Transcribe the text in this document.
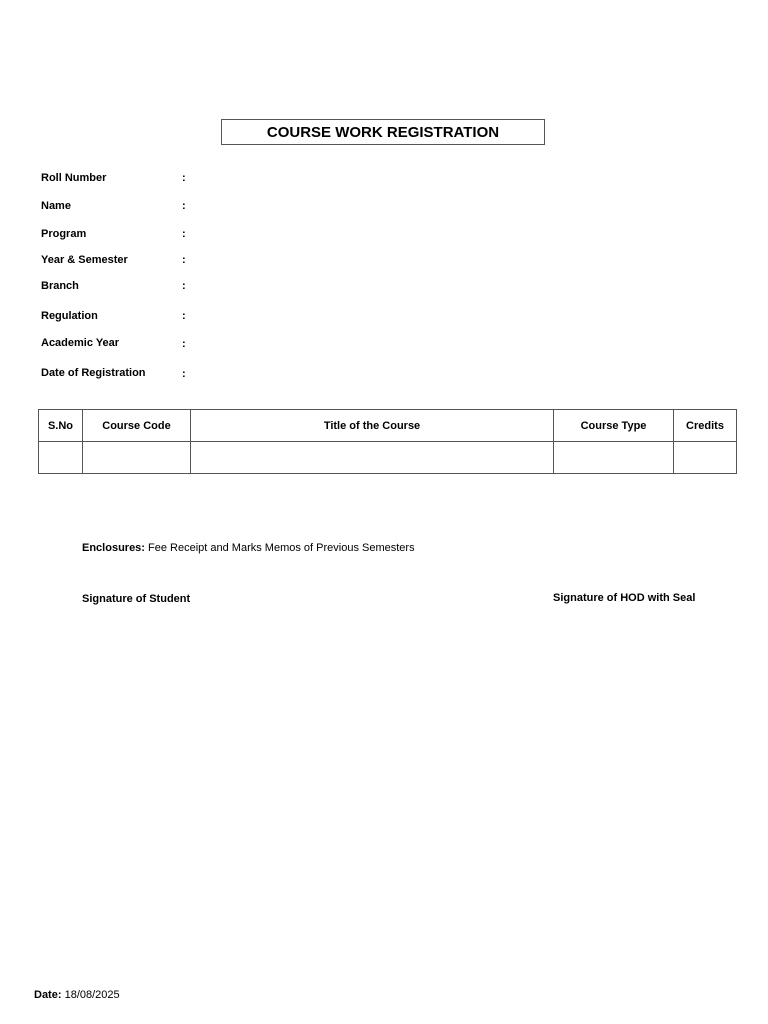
COURSE WORK REGISTRATION
Roll Number	:
Name	:
Program	:
Year & Semester	:
Branch	:
Regulation	:
Academic Year	:
Date of Registration	:
S.No	Course Code	Title of the Course	Course Type	Credits

Enclosures: Fee Receipt and Marks Memos of Previous Semesters
Signature of Student	Signature of HOD with Seal
Date: 18/08/2025
